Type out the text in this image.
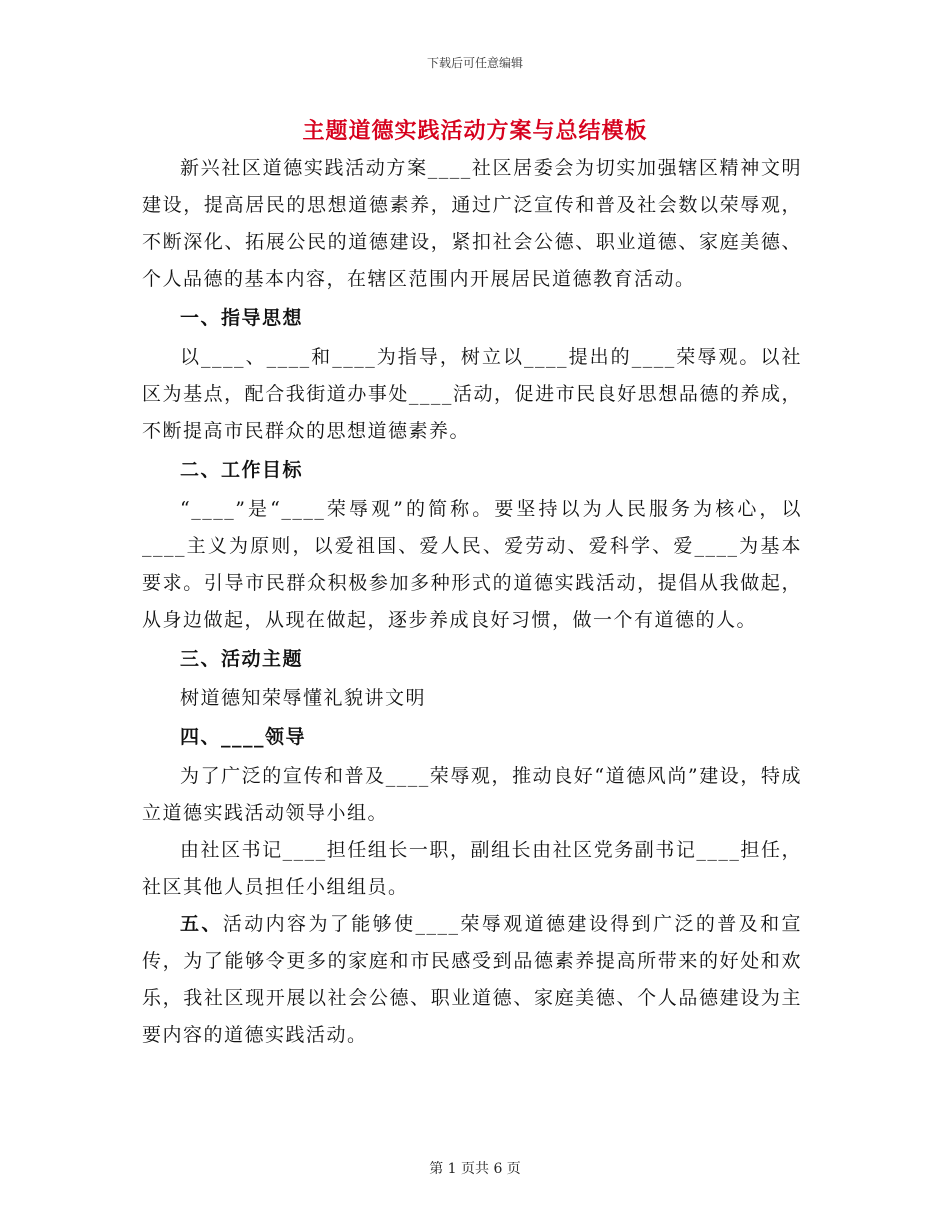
下载后可任意编辑
主题道德实践活动方案与总结模板

新兴社区道德实践活动方案____社区居委会为切实加强辖区精神文明建设，提高居民的思想道德素养，通过广泛宣传和普及社会数以荣辱观，不断深化、拓展公民的道德建设，紧扣社会公德、职业道德、家庭美德、个人品德的基本内容，在辖区范围内开展居民道德教育活动。

一、指导思想

以____、____和____为指导，树立以____提出的____荣辱观。以社区为基点，配合我街道办事处____活动，促进市民良好思想品德的养成，不断提高市民群众的思想道德素养。

二、工作目标

“____”是“____荣辱观”的简称。要坚持以为人民服务为核心，以____主义为原则，以爱祖国、爱人民、爱劳动、爱科学、爱____为基本要求。引导市民群众积极参加多种形式的道德实践活动，提倡从我做起，从身边做起，从现在做起，逐步养成良好习惯，做一个有道德的人。

三、活动主题

树道德知荣辱懂礼貌讲文明

四、____领导

为了广泛的宣传和普及____荣辱观，推动良好“道德风尚”建设，特成立道德实践活动领导小组。

由社区书记____担任组长一职，副组长由社区党务副书记____担任，社区其他人员担任小组组员。

五、活动内容为了能够使____荣辱观道德建设得到广泛的普及和宣传，为了能够令更多的家庭和市民感受到品德素养提高所带来的好处和欢乐，我社区现开展以社会公德、职业道德、家庭美德、个人品德建设为主要内容的道德实践活动。

第 1 页共 6 页
